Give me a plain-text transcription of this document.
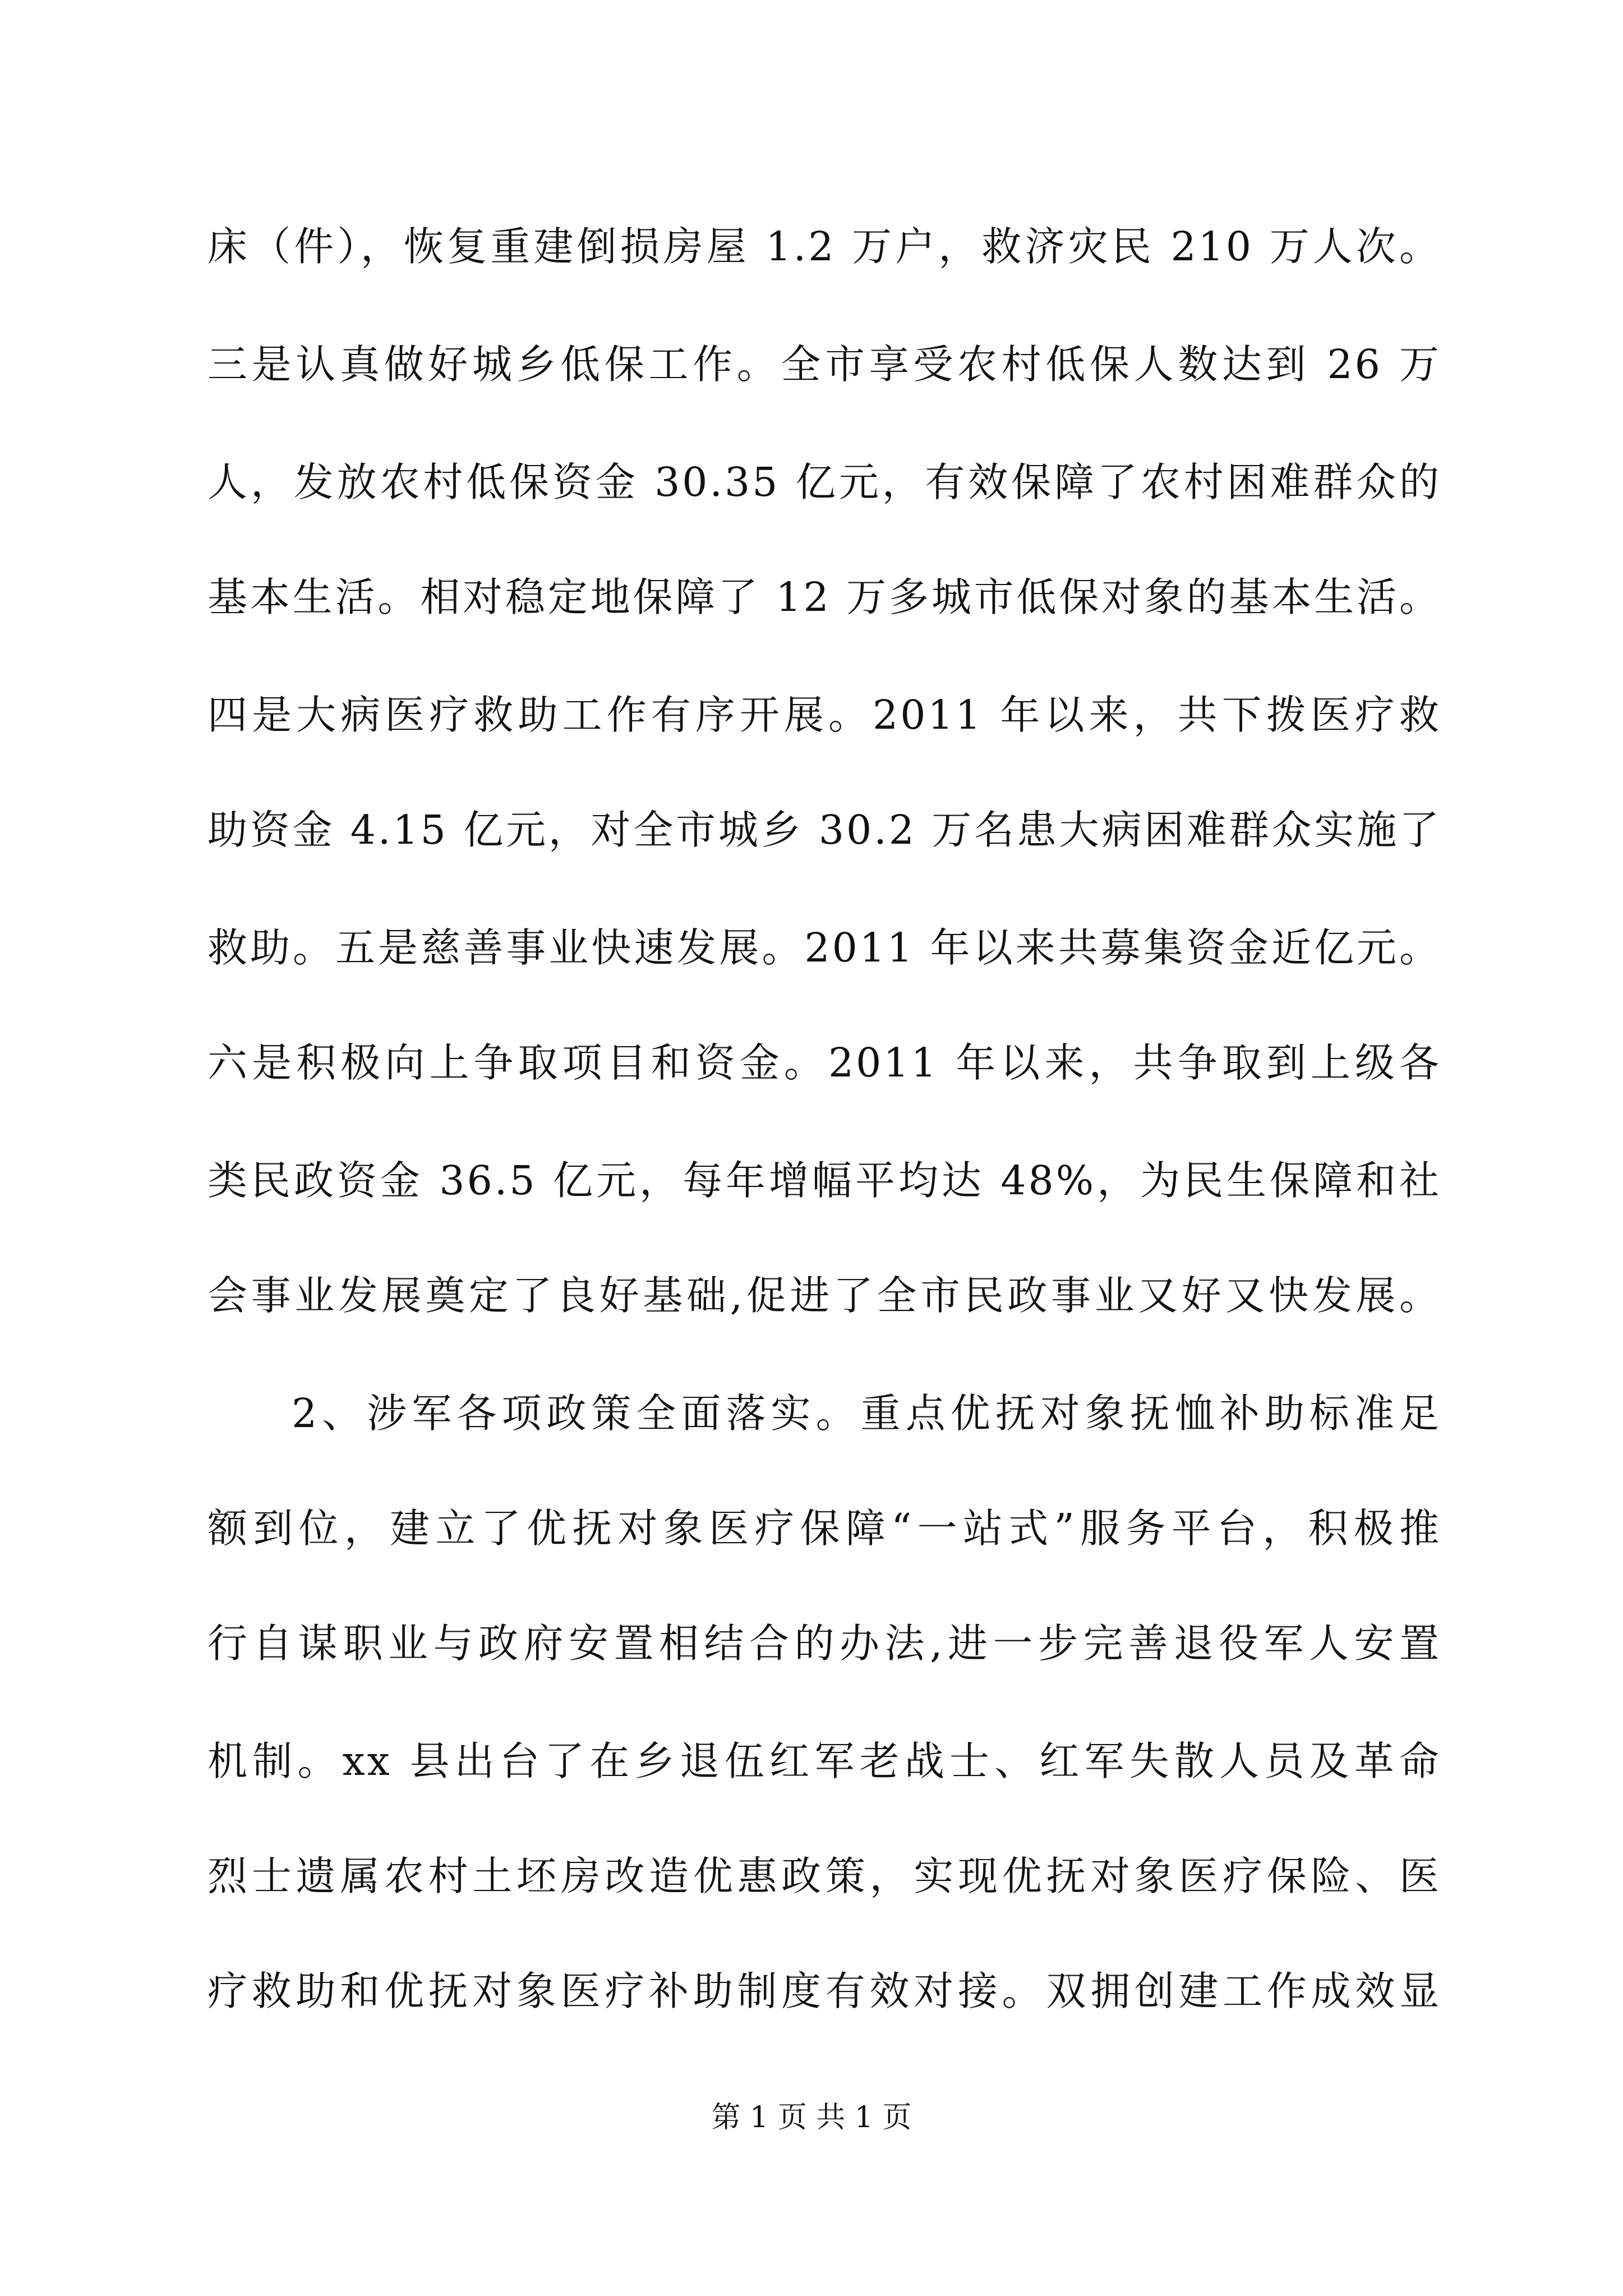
床（件），恢复重建倒损房屋 1.2 万户，救济灾民 210 万人次。
三是认真做好城乡低保工作。全市享受农村低保人数达到 26 万
人，发放农村低保资金 30.35 亿元，有效保障了农村困难群众的
基本生活。相对稳定地保障了 12 万多城市低保对象的基本生活。
四是大病医疗救助工作有序开展。2011 年以来，共下拨医疗救
助资金 4.15 亿元，对全市城乡 30.2 万名患大病困难群众实施了
救助。五是慈善事业快速发展。2011 年以来共募集资金近亿元。
六是积极向上争取项目和资金。2011 年以来，共争取到上级各
类民政资金 36.5 亿元，每年增幅平均达 48%，为民生保障和社
会事业发展奠定了良好基础,促进了全市民政事业又好又快发展。
2、涉军各项政策全面落实。重点优抚对象抚恤补助标准足
额到位，建立了优抚对象医疗保障“一站式”服务平台，积极推
行自谋职业与政府安置相结合的办法,进一步完善退役军人安置
机制。xx 县出台了在乡退伍红军老战士、红军失散人员及革命
烈士遗属农村土坯房改造优惠政策，实现优抚对象医疗保险、医
疗救助和优抚对象医疗补助制度有效对接。双拥创建工作成效显
第 1 页 共 1 页
